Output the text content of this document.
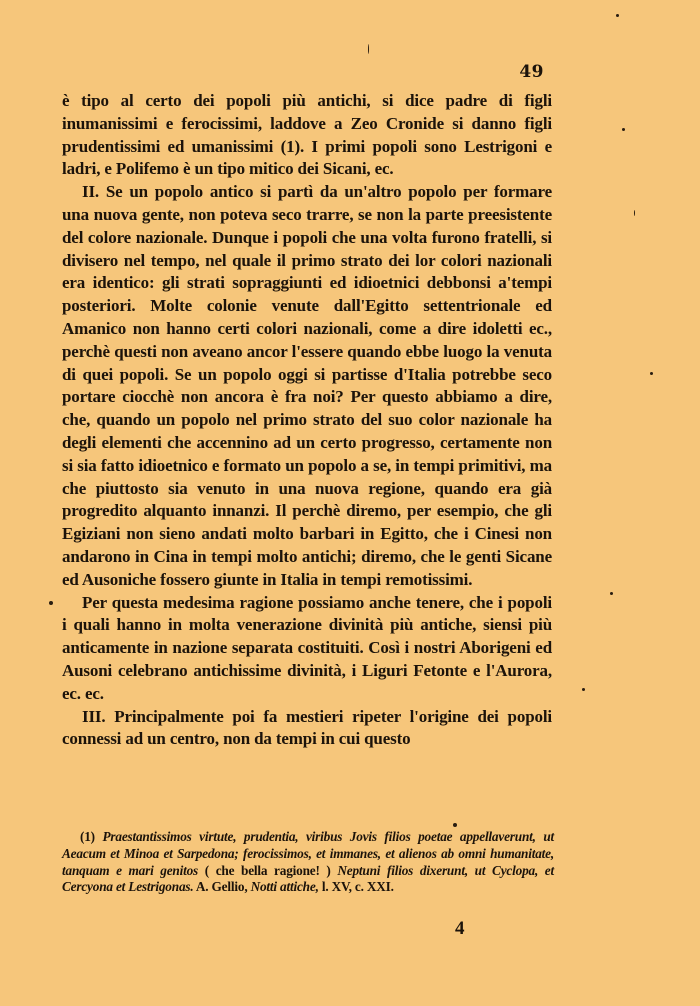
49

è tipo al certo dei popoli più antichi, si dice padre di figli inumanissimi e ferocissimi, laddove a Zeo Cronide si danno figli prudentissimi ed umanissimi (1). I primi popoli sono Lestrigoni e ladri, e Polifemo è un tipo mitico dei Sicani, ec.

II. Se un popolo antico si partì da un'altro popolo per formare una nuova gente, non poteva seco trarre, se non la parte preesistente del colore nazionale. Dunque i popoli che una volta furono fratelli, si divisero nel tempo, nel quale il primo strato dei lor colori nazionali era identico: gli strati sopraggiunti ed idioetnici debbonsi a'tempi posteriori. Molte colonie venute dall'Egitto settentrionale ed Amanico non hanno certi colori nazionali, come a dire idoletti ec., perchè questi non aveano ancor l'essere quando ebbe luogo la venuta di quei popoli. Se un popolo oggi si partisse d'Italia potrebbe seco portare ciocchè non ancora è fra noi? Per questo abbiamo a dire, che, quando un popolo nel primo strato del suo color nazionale ha degli elementi che accennino ad un certo progresso, certamente non si sia fatto idioetnico e formato un popolo a se, in tempi primitivi, ma che piuttosto sia venuto in una nuova regione, quando era già progredito alquanto innanzi. Il perchè diremo, per esempio, che gli Egiziani non sieno andati molto barbari in Egitto, che i Cinesi non andarono in Cina in tempi molto antichi; diremo, che le genti Sicane ed Ausoniche fossero giunte in Italia in tempi remotissimi.

Per questa medesima ragione possiamo anche tenere, che i popoli i quali hanno in molta venerazione divinità più antiche, siensi più anticamente in nazione separata costituiti. Così i nostri Aborigeni ed Ausoni celebrano antichissime divinità, i Liguri Fetonte e l'Aurora, ec. ec.

III. Principalmente poi fa mestieri ripeter l'origine dei popoli connessi ad un centro, non da tempi in cui questo

(1) Praestantissimos virtute, prudentia, viribus Jovis filios poetae appellaverunt, ut Aeacum et Minoa et Sarpedona; ferocissimos, et immanes, et alienos ab omni humanitate, tanquam e mari genitos ( che bella ragione! ) Neptuni filios dixerunt, ut Cyclopa, et Cercyona et Lestrigonas. A. Gellio, Notti attiche, l. XV, c. XXI.

4
